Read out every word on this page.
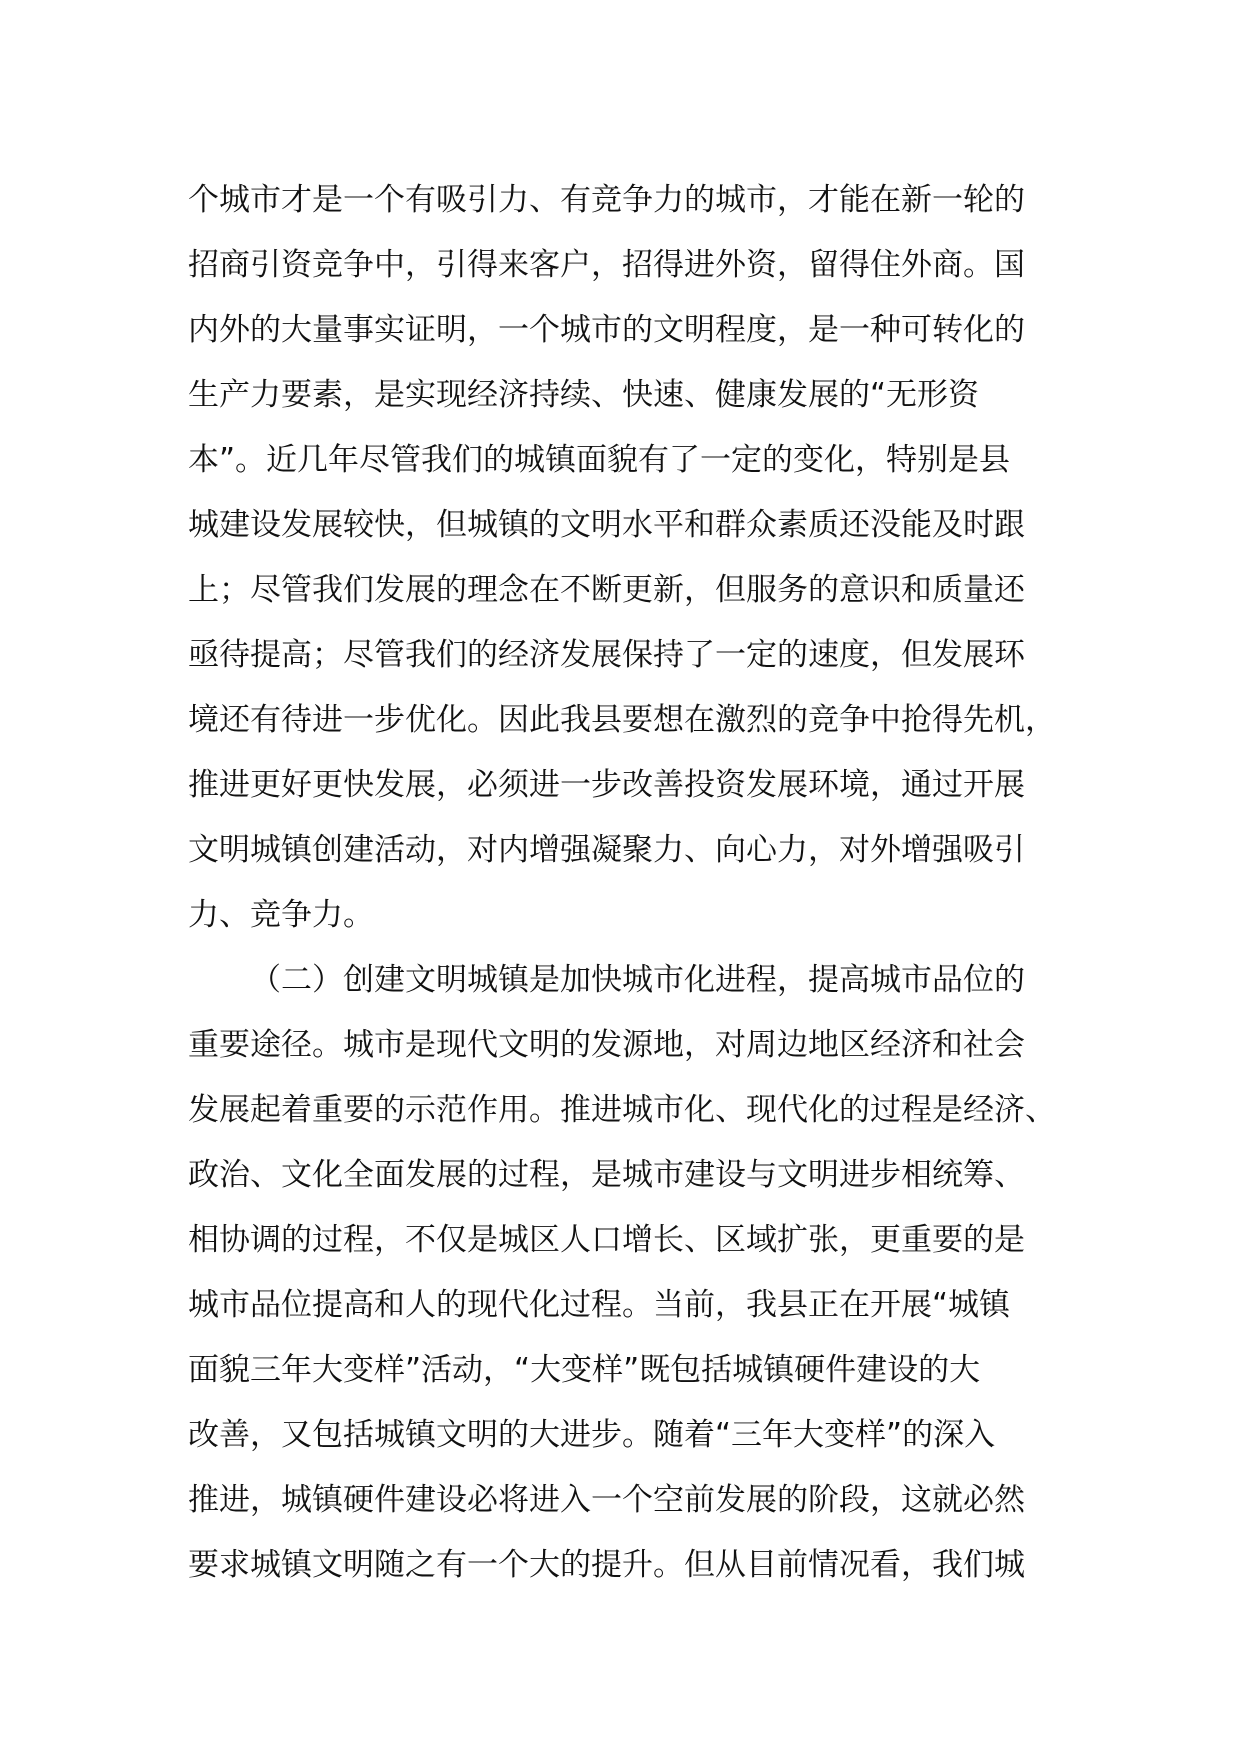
个城市才是一个有吸引力、有竞争力的城市，才能在新一轮的
招商引资竞争中，引得来客户，招得进外资，留得住外商。国
内外的大量事实证明，一个城市的文明程度，是一种可转化的
生产力要素，是实现经济持续、快速、健康发展的“无形资
本”。近几年尽管我们的城镇面貌有了一定的变化，特别是县
城建设发展较快，但城镇的文明水平和群众素质还没能及时跟
上；尽管我们发展的理念在不断更新，但服务的意识和质量还
亟待提高；尽管我们的经济发展保持了一定的速度，但发展环
境还有待进一步优化。因此我县要想在激烈的竞争中抢得先机，
推进更好更快发展，必须进一步改善投资发展环境，通过开展
文明城镇创建活动，对内增强凝聚力、向心力，对外增强吸引
力、竞争力。
（二）创建文明城镇是加快城市化进程，提高城市品位的
重要途径。城市是现代文明的发源地，对周边地区经济和社会
发展起着重要的示范作用。推进城市化、现代化的过程是经济、
政治、文化全面发展的过程，是城市建设与文明进步相统筹、
相协调的过程，不仅是城区人口增长、区域扩张，更重要的是
城市品位提高和人的现代化过程。当前，我县正在开展“城镇
面貌三年大变样”活动，“大变样”既包括城镇硬件建设的大
改善，又包括城镇文明的大进步。随着“三年大变样”的深入
推进，城镇硬件建设必将进入一个空前发展的阶段，这就必然
要求城镇文明随之有一个大的提升。但从目前情况看，我们城
